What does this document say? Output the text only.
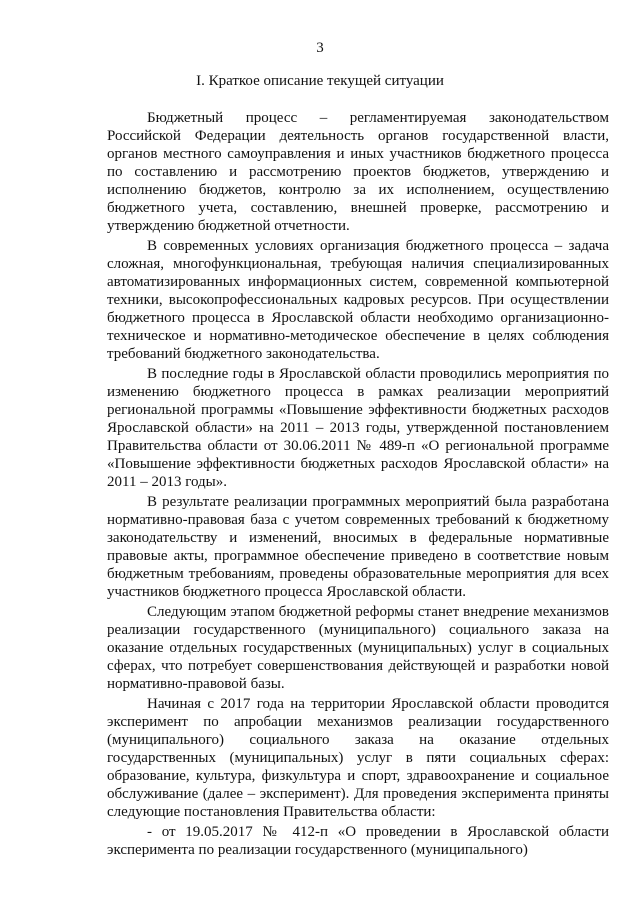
3
I. Краткое описание текущей ситуации

Бюджетный процесс – регламентируемая законодательством Российской Федерации деятельность органов государственной власти, органов местного самоуправления и иных участников бюджетного процесса по составлению и рассмотрению проектов бюджетов, утверждению и исполнению бюджетов, контролю за их исполнением, осуществлению бюджетного учета, составлению, внешней проверке, рассмотрению и утверждению бюджетной отчетности.

В современных условиях организация бюджетного процесса – задача сложная, многофункциональная, требующая наличия специализированных автоматизированных информационных систем, современной компьютерной техники, высокопрофессиональных кадровых ресурсов. При осуществлении бюджетного процесса в Ярославской области необходимо организационно-техническое и нормативно-методическое обеспечение в целях соблюдения требований бюджетного законодательства.

В последние годы в Ярославской области проводились мероприятия по изменению бюджетного процесса в рамках реализации мероприятий региональной программы «Повышение эффективности бюджетных расходов Ярославской области» на 2011 – 2013 годы, утвержденной постановлением Правительства области от 30.06.2011 № 489-п «О региональной программе «Повышение эффективности бюджетных расходов Ярославской области» на 2011 – 2013 годы».

В результате реализации программных мероприятий была разработана нормативно-правовая база с учетом современных требований к бюджетному законодательству и изменений, вносимых в федеральные нормативные правовые акты, программное обеспечение приведено в соответствие новым бюджетным требованиям, проведены образовательные мероприятия для всех участников бюджетного процесса Ярославской области.

Следующим этапом бюджетной реформы станет внедрение механизмов реализации государственного (муниципального) социального заказа на оказание отдельных государственных (муниципальных) услуг в социальных сферах, что потребует совершенствования действующей и разработки новой нормативно-правовой базы.

Начиная с 2017 года на территории Ярославской области проводится эксперимент по апробации механизмов реализации государственного (муниципального) социального заказа на оказание отдельных государственных (муниципальных) услуг в пяти социальных сферах: образование, культура, физкультура и спорт, здравоохранение и социальное обслуживание (далее – эксперимент). Для проведения эксперимента приняты следующие постановления Правительства области:

- от 19.05.2017 № 412-п «О проведении в Ярославской области эксперимента по реализации государственного (муниципального)
